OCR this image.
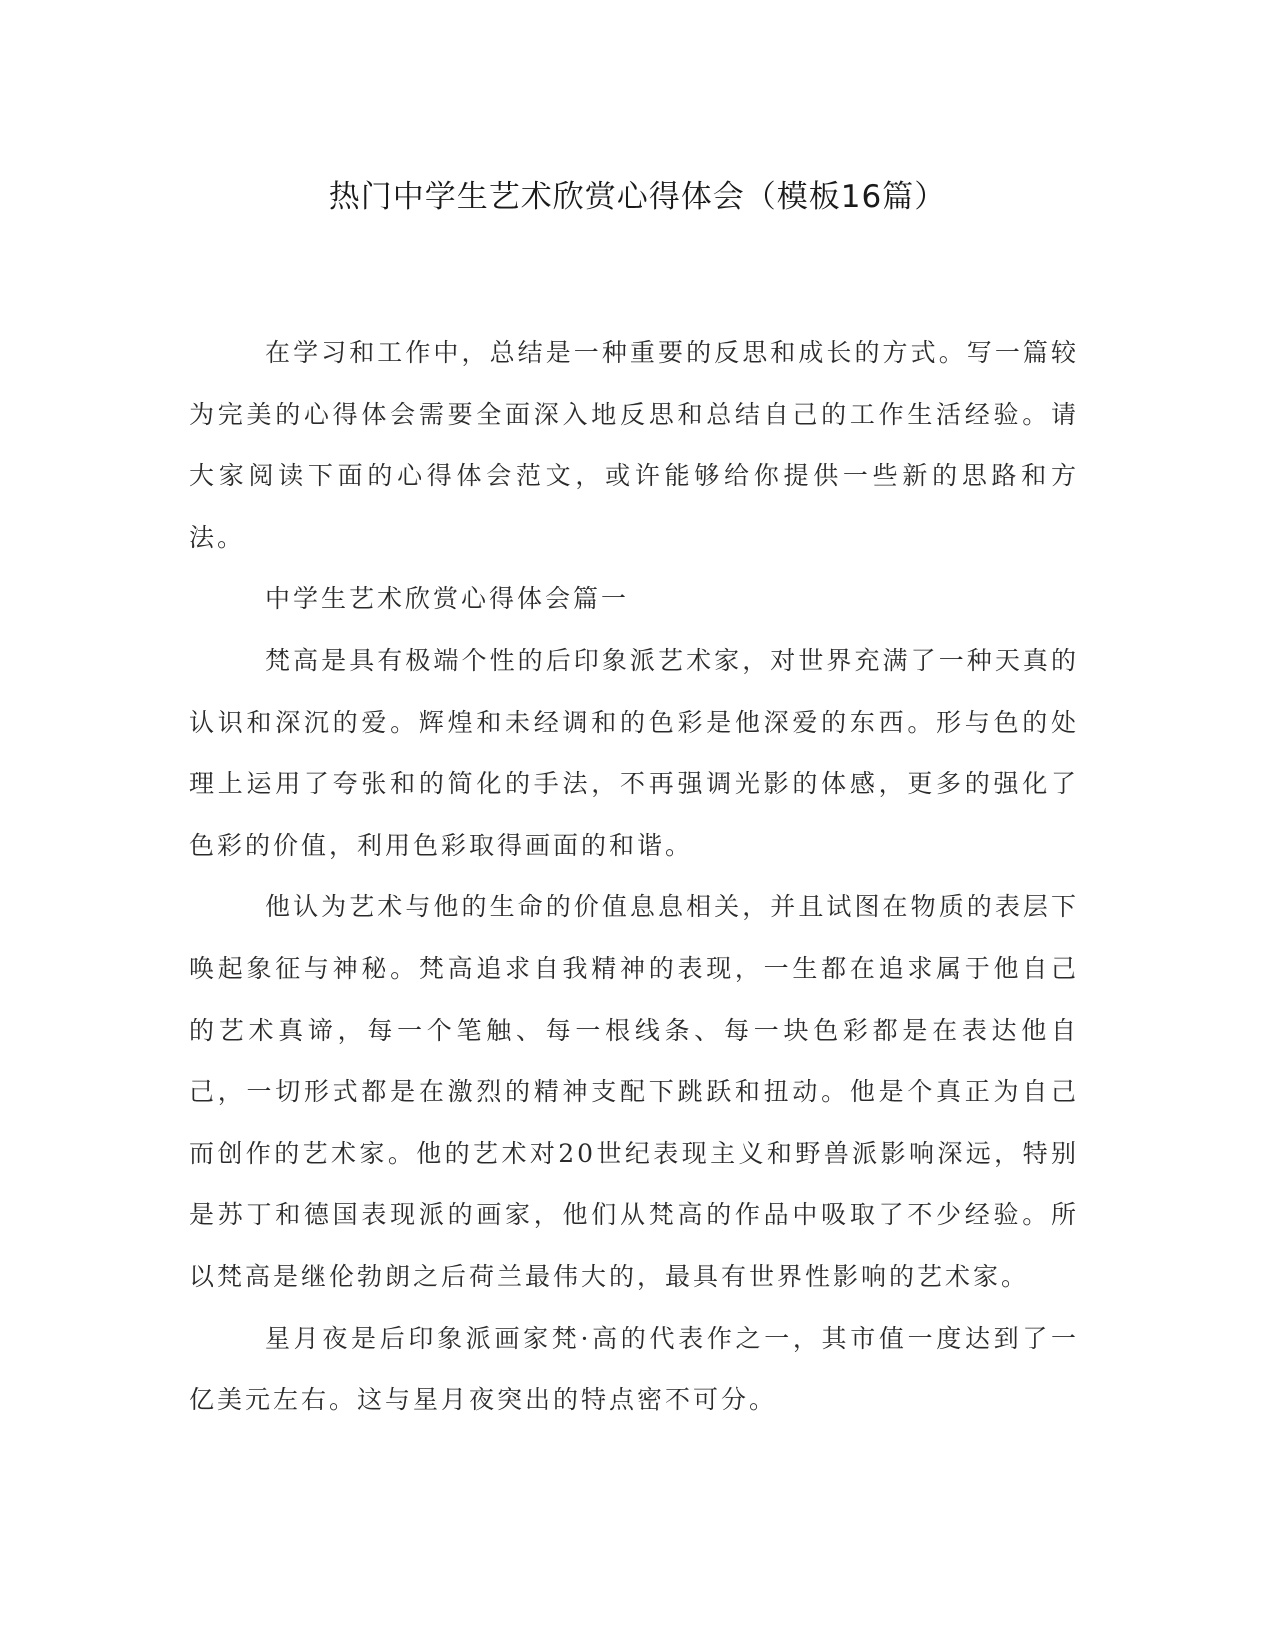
热门中学生艺术欣赏心得体会（模板16篇）

在学习和工作中，总结是一种重要的反思和成长的方式。写一篇较为完美的心得体会需要全面深入地反思和总结自己的工作生活经验。请大家阅读下面的心得体会范文，或许能够给你提供一些新的思路和方法。

中学生艺术欣赏心得体会篇一

梵高是具有极端个性的后印象派艺术家，对世界充满了一种天真的认识和深沉的爱。辉煌和未经调和的色彩是他深爱的东西。形与色的处理上运用了夸张和的简化的手法，不再强调光影的体感，更多的强化了色彩的价值，利用色彩取得画面的和谐。

他认为艺术与他的生命的价值息息相关，并且试图在物质的表层下唤起象征与神秘。梵高追求自我精神的表现，一生都在追求属于他自己的艺术真谛，每一个笔触、每一根线条、每一块色彩都是在表达他自己，一切形式都是在激烈的精神支配下跳跃和扭动。他是个真正为自己而创作的艺术家。他的艺术对20世纪表现主义和野兽派影响深远，特别是苏丁和德国表现派的画家，他们从梵高的作品中吸取了不少经验。所以梵高是继伦勃朗之后荷兰最伟大的，最具有世界性影响的艺术家。

星月夜是后印象派画家梵·高的代表作之一，其市值一度达到了一亿美元左右。这与星月夜突出的特点密不可分。
